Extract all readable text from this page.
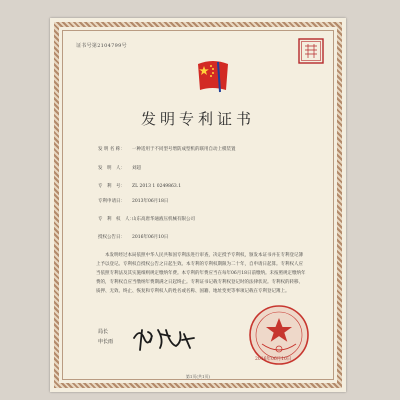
证书号第2104799号
发明专利证书
发 明 名 称： 一种适用于不同型号增防成型机的联用自动上模装置
发　明　人： 刘超
专　利　号： ZL 2013 1 0249863.1
专利申请日： 2013年06月18日
专　利　权　人：山东高唐华通液压机械有限公司
授权公告日： 2016年06月10日
本发明经过本局依照中华人民共和国专利法进行审查，决定授予专利权，颁发本证书并在专利登记簿上予以登记。专利权自授权公告之日起生效。本专利的专利权期限为二十年，自申请日起算。专利权人应当依照专利法及其实施细则规定缴纳年费。本专利的年费应当在每年06月18日前缴纳。未按照规定缴纳年费的，专利权自应当缴纳年费期满之日起终止。专利证书记载专利权登记时的法律状况。专利权的转移、质押、无效、终止、恢复和专利权人的姓名或名称、国籍、地址变更等事项记载在专利登记簿上。
局长
申长雨
2016年06月10日
第1页(共1页)
